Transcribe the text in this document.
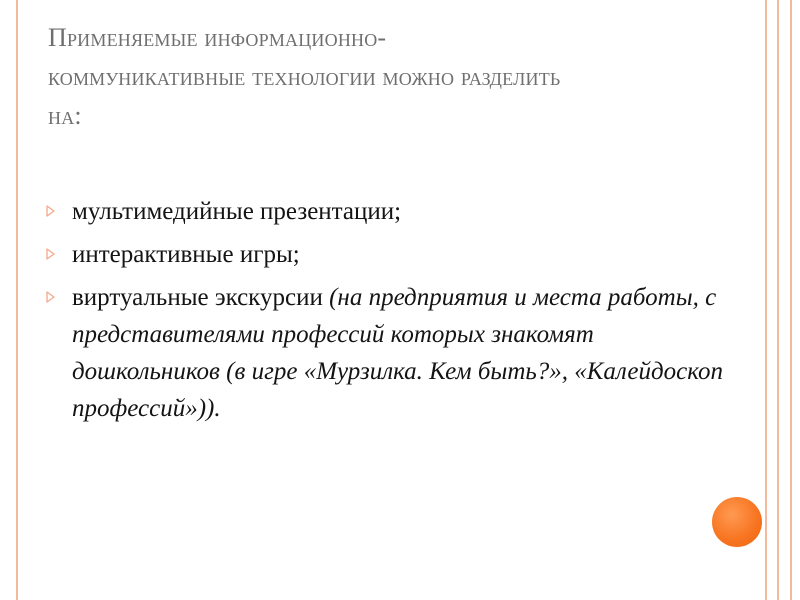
Применяемые информационно-
коммуникативные технологии можно разделить
на:
мультимедийные презентации;
интерактивные игры;
виртуальные экскурсии (на предприятия и места работы, с представителями профессий которых знакомят дошкольников (в игре «Мурзилка. Кем быть?», «Калейдоскоп профессий»)).
